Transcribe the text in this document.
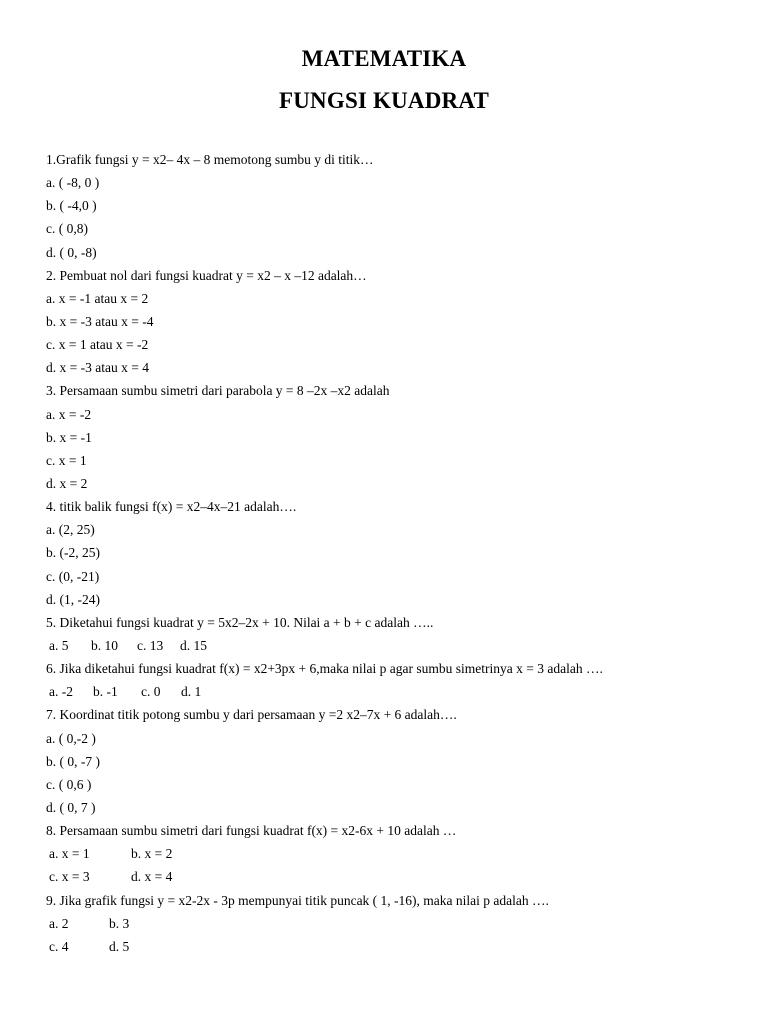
MATEMATIKA
FUNGSI KUADRAT
1.Grafik fungsi y = x2– 4x – 8 memotong sumbu y di titik…
a. ( -8, 0 )
b. ( -4,0 )
c. ( 0,8)
d. ( 0, -8)
2. Pembuat nol dari fungsi kuadrat y = x2 – x –12 adalah…
a. x = -1 atau x = 2
b. x = -3 atau x = -4
c. x = 1 atau x = -2
d. x = -3 atau x = 4
3. Persamaan sumbu simetri dari parabola y = 8 –2x –x2 adalah
a. x = -2
b. x = -1
c. x = 1
d. x = 2
4. titik balik fungsi f(x) = x2–4x–21 adalah….
a. (2, 25)
b. (-2, 25)
c. (0, -21)
d. (1, -24)
5. Diketahui fungsi kuadrat y = 5x2–2x + 10. Nilai a + b + c adalah …..
a. 5 b. 10 c. 13 d. 15
6. Jika diketahui fungsi kuadrat f(x) = x2+3px + 6,maka nilai p agar sumbu simetrinya x = 3 adalah ….
a. -2 b. -1 c. 0 d. 1
7. Koordinat titik potong sumbu y dari persamaan y =2 x2–7x + 6 adalah….
a. ( 0,-2 )
b. ( 0, -7 )
c. ( 0,6 )
d. ( 0, 7 )
8. Persamaan sumbu simetri dari fungsi kuadrat f(x) = x2-6x + 10 adalah …
a. x = 1	b. x = 2
c. x = 3	d. x = 4
9. Jika grafik fungsi y = x2-2x - 3p mempunyai titik puncak ( 1, -16), maka nilai p adalah ….
a. 2	b. 3
c. 4	d. 5
